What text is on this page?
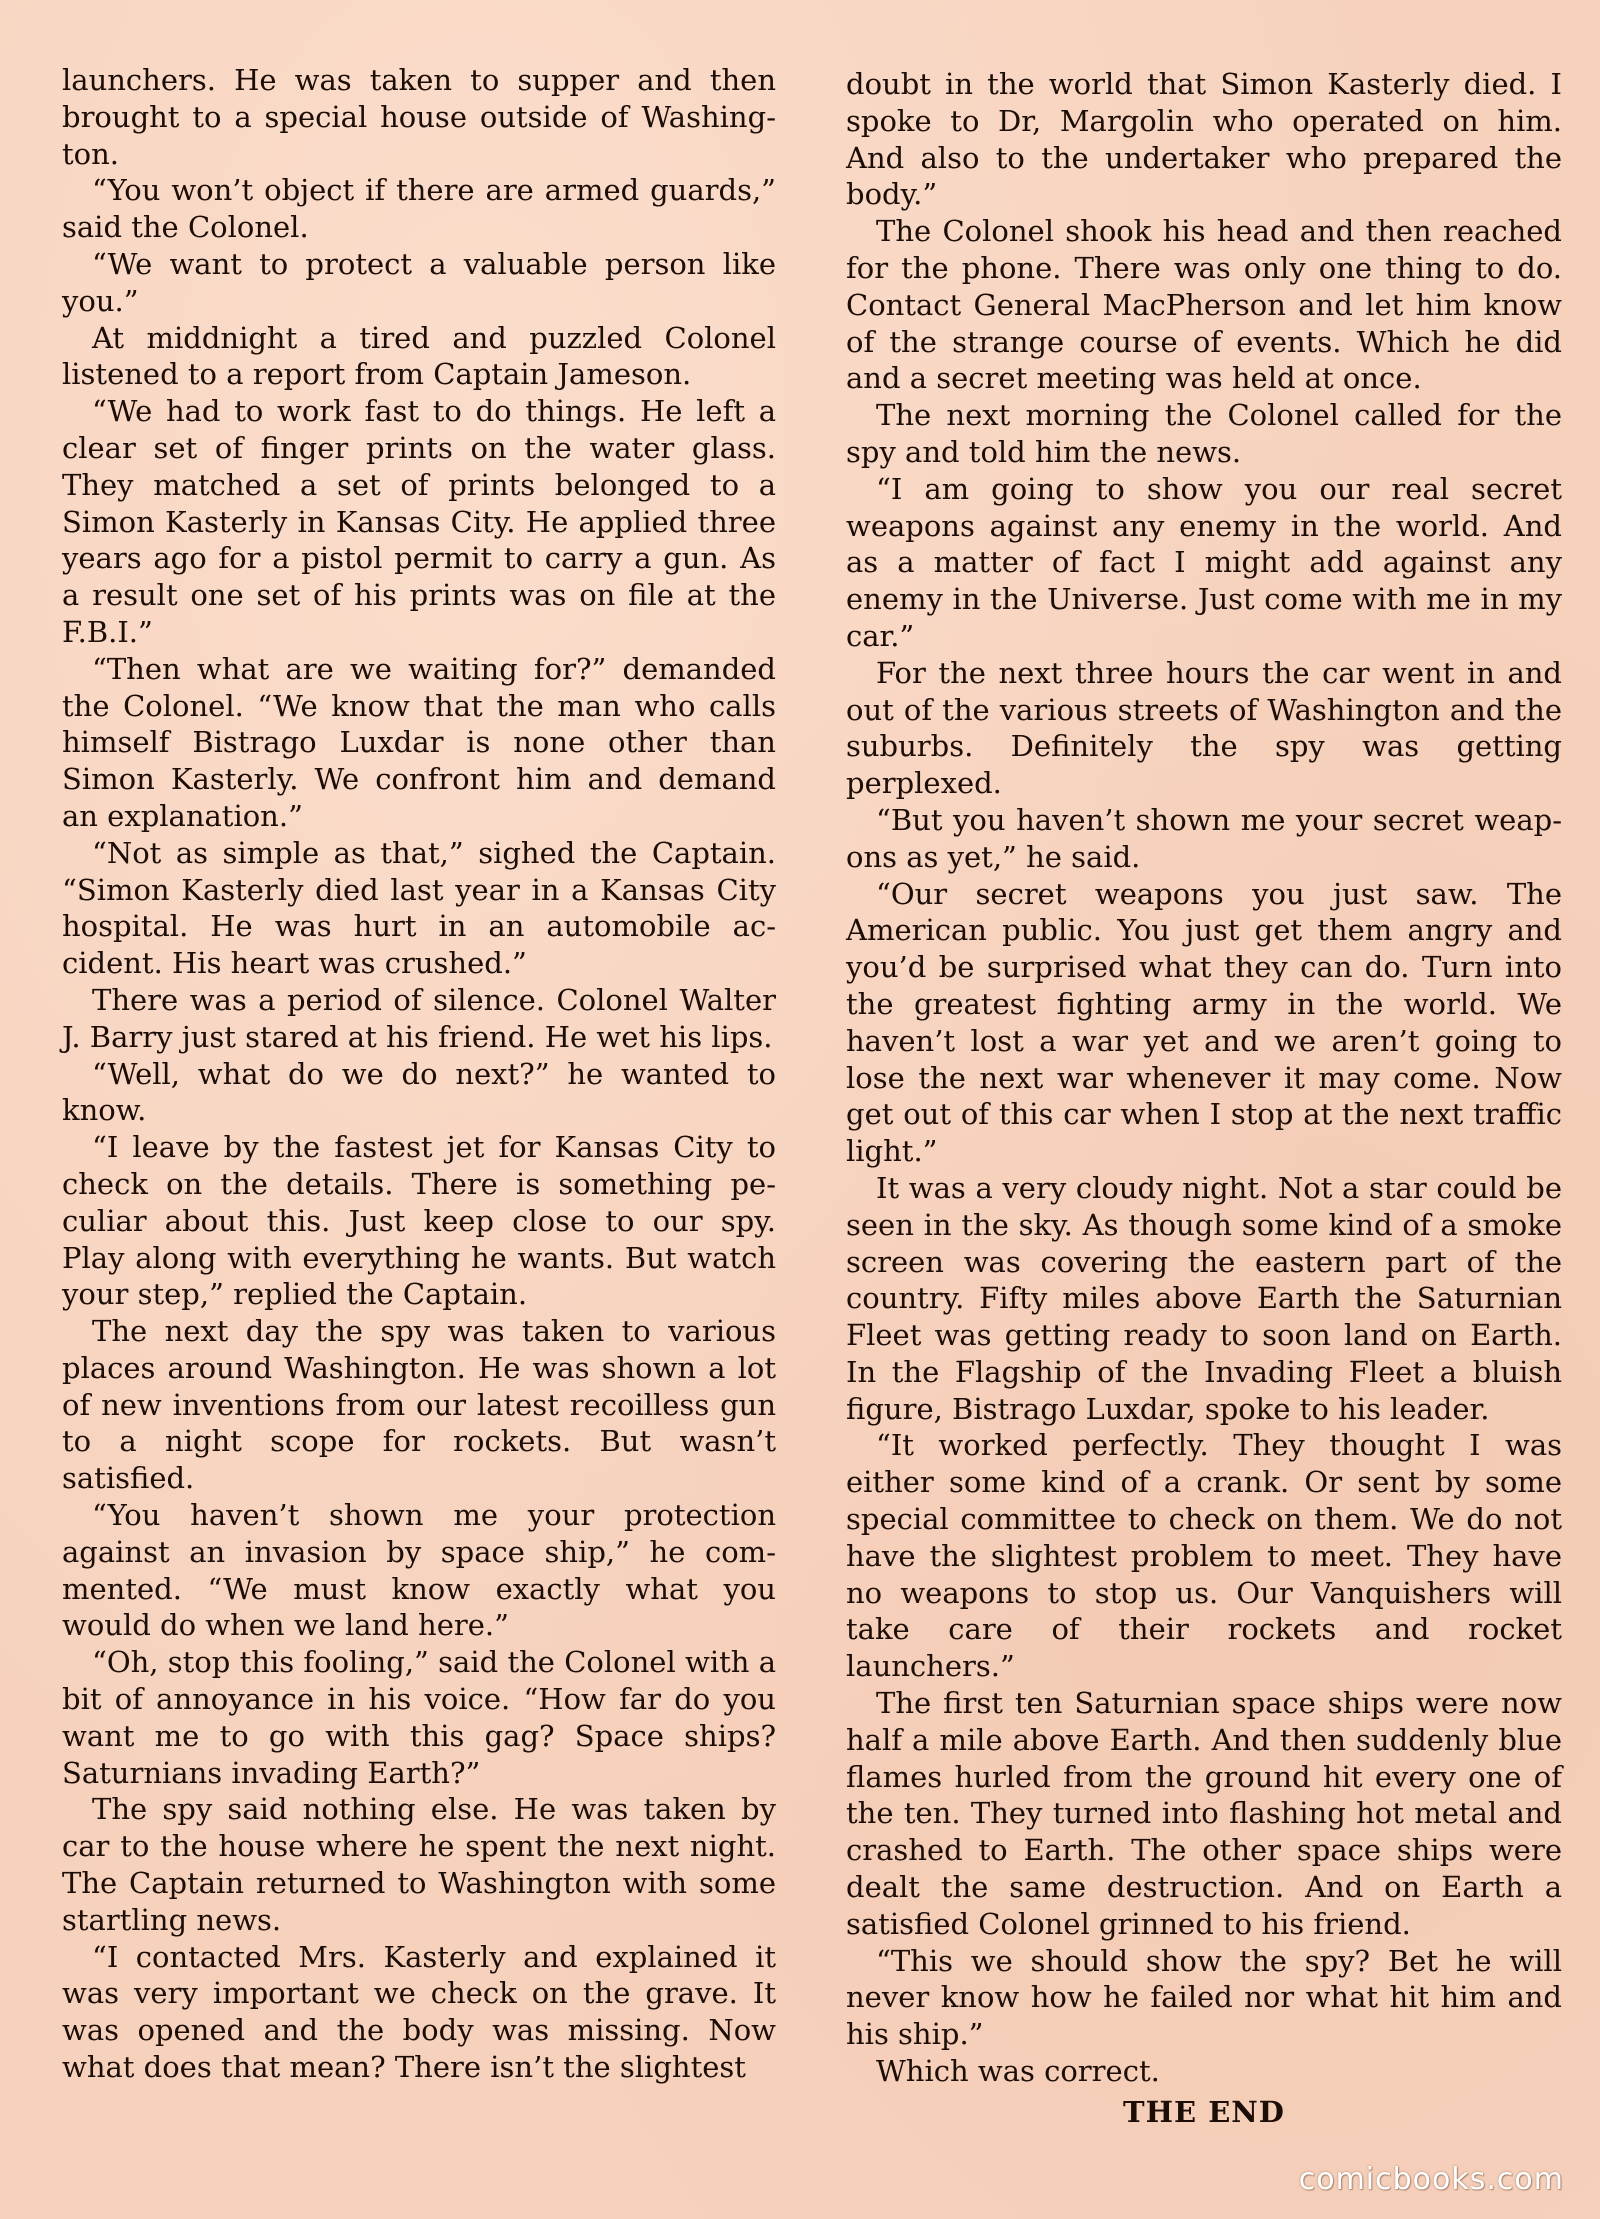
launchers. He was taken to supper and then brought to a special house outside of Washington.

“You won’t object if there are armed guards,” said the Colonel.

“We want to protect a valuable person like you.”

At middnight a tired and puzzled Colonel listened to a report from Captain Jameson.

“We had to work fast to do things. He left a clear set of finger prints on the water glass. They matched a set of prints belonged to a Simon Kasterly in Kansas City. He applied three years ago for a pistol permit to carry a gun. As a result one set of his prints was on file at the F.B.I.”

“Then what are we waiting for?” demanded the Colonel. “We know that the man who calls himself Bistrago Luxdar is none other than Simon Kasterly. We confront him and demand an explanation.”

“Not as simple as that,” sighed the Captain. “Simon Kasterly died last year in a Kansas City hospital. He was hurt in an automobile accident. His heart was crushed.”

There was a period of silence. Colonel Walter J. Barry just stared at his friend. He wet his lips.

“Well, what do we do next?” he wanted to know.

“I leave by the fastest jet for Kansas City to check on the details. There is something peculiar about this. Just keep close to our spy. Play along with everything he wants. But watch your step,” replied the Captain.

The next day the spy was taken to various places around Washington. He was shown a lot of new inventions from our latest recoilless gun to a night scope for rockets. But wasn’t satisfied.

“You haven’t shown me your protection against an invasion by space ship,” he commented. “We must know exactly what you would do when we land here.”

“Oh, stop this fooling,” said the Colonel with a bit of annoyance in his voice. “How far do you want me to go with this gag? Space ships? Saturnians invading Earth?”

The spy said nothing else. He was taken by car to the house where he spent the next night. The Captain returned to Washington with some startling news.

“I contacted Mrs. Kasterly and explained it was very important we check on the grave. It was opened and the body was missing. Now what does that mean? There isn’t the slightest

doubt in the world that Simon Kasterly died. I spoke to Dr, Margolin who operated on him. And also to the undertaker who prepared the body.”

The Colonel shook his head and then reached for the phone. There was only one thing to do. Contact General MacPherson and let him know of the strange course of events. Which he did and a secret meeting was held at once.

The next morning the Colonel called for the spy and told him the news.

“I am going to show you our real secret weapons against any enemy in the world. And as a matter of fact I might add against any enemy in the Universe. Just come with me in my car.”

For the next three hours the car went in and out of the various streets of Washington and the suburbs. Definitely the spy was getting perplexed.

“But you haven’t shown me your secret weapons as yet,” he said.

“Our secret weapons you just saw. The American public. You just get them angry and you’d be surprised what they can do. Turn into the greatest fighting army in the world. We haven’t lost a war yet and we aren’t going to lose the next war whenever it may come. Now get out of this car when I stop at the next traffic light.”

It was a very cloudy night. Not a star could be seen in the sky. As though some kind of a smoke screen was covering the eastern part of the country. Fifty miles above Earth the Saturnian Fleet was getting ready to soon land on Earth. In the Flagship of the Invading Fleet a bluish figure, Bistrago Luxdar, spoke to his leader.

“It worked perfectly. They thought I was either some kind of a crank. Or sent by some special committee to check on them. We do not have the slightest problem to meet. They have no weapons to stop us. Our Vanquishers will take care of their rockets and rocket launchers.”

The first ten Saturnian space ships were now half a mile above Earth. And then suddenly blue flames hurled from the ground hit every one of the ten. They turned into flashing hot metal and crashed to Earth. The other space ships were dealt the same destruction. And on Earth a satisfied Colonel grinned to his friend.

“This we should show the spy? Bet he will never know how he failed nor what hit him and his ship.”

Which was correct.

THE END
comicbooks.com
